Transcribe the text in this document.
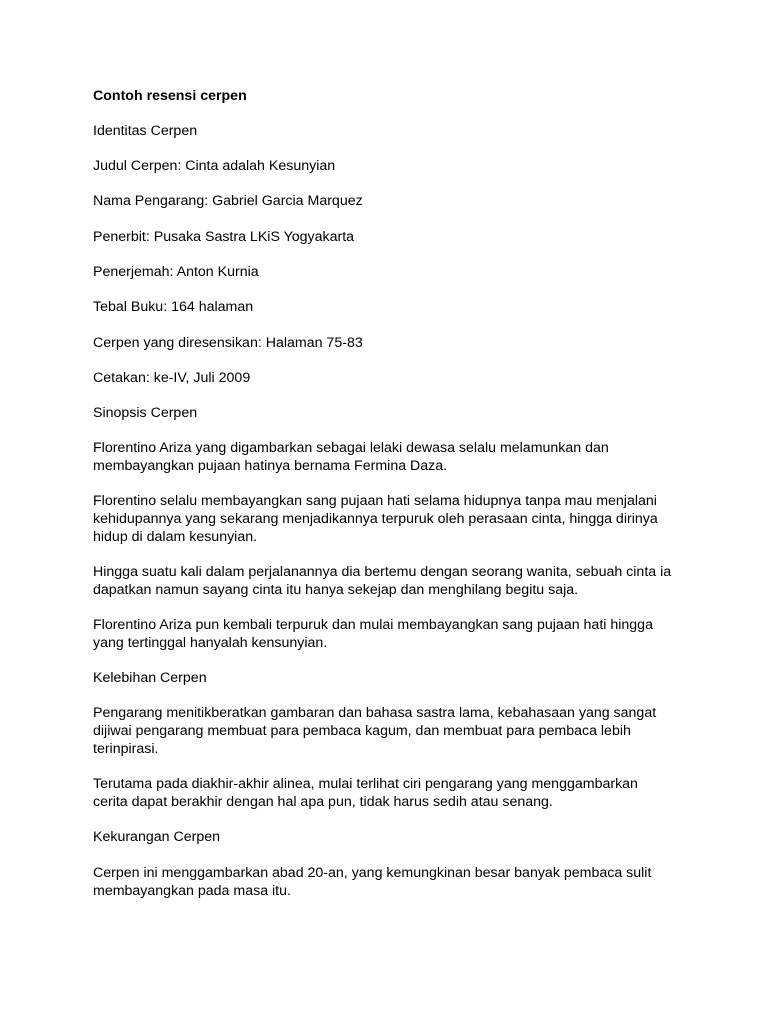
Contoh resensi cerpen

Identitas Cerpen

Judul Cerpen: Cinta adalah Kesunyian

Nama Pengarang: Gabriel Garcia Marquez

Penerbit: Pusaka Sastra LKiS Yogyakarta

Penerjemah: Anton Kurnia

Tebal Buku: 164 halaman

Cerpen yang diresensikan: Halaman 75-83

Cetakan: ke-IV, Juli 2009

Sinopsis Cerpen

Florentino Ariza yang digambarkan sebagai lelaki dewasa selalu melamunkan dan
membayangkan pujaan hatinya bernama Fermina Daza.
Florentino selalu membayangkan sang pujaan hati selama hidupnya tanpa mau menjalani
kehidupannya yang sekarang menjadikannya terpuruk oleh perasaan cinta, hingga dirinya
hidup di dalam kesunyian.
Hingga suatu kali dalam perjalanannya dia bertemu dengan seorang wanita, sebuah cinta ia
dapatkan namun sayang cinta itu hanya sekejap dan menghilang begitu saja.
Florentino Ariza pun kembali terpuruk dan mulai membayangkan sang pujaan hati hingga
yang tertinggal hanyalah kensunyian.

Kelebihan Cerpen

Pengarang menitikberatkan gambaran dan bahasa sastra lama, kebahasaan yang sangat
dijiwai pengarang membuat para pembaca kagum, dan membuat para pembaca lebih
terinpirasi.
Terutama pada diakhir-akhir alinea, mulai terlihat ciri pengarang yang menggambarkan
cerita dapat berakhir dengan hal apa pun, tidak harus sedih atau senang.

Kekurangan Cerpen

Cerpen ini menggambarkan abad 20-an, yang kemungkinan besar banyak pembaca sulit
membayangkan pada masa itu.
